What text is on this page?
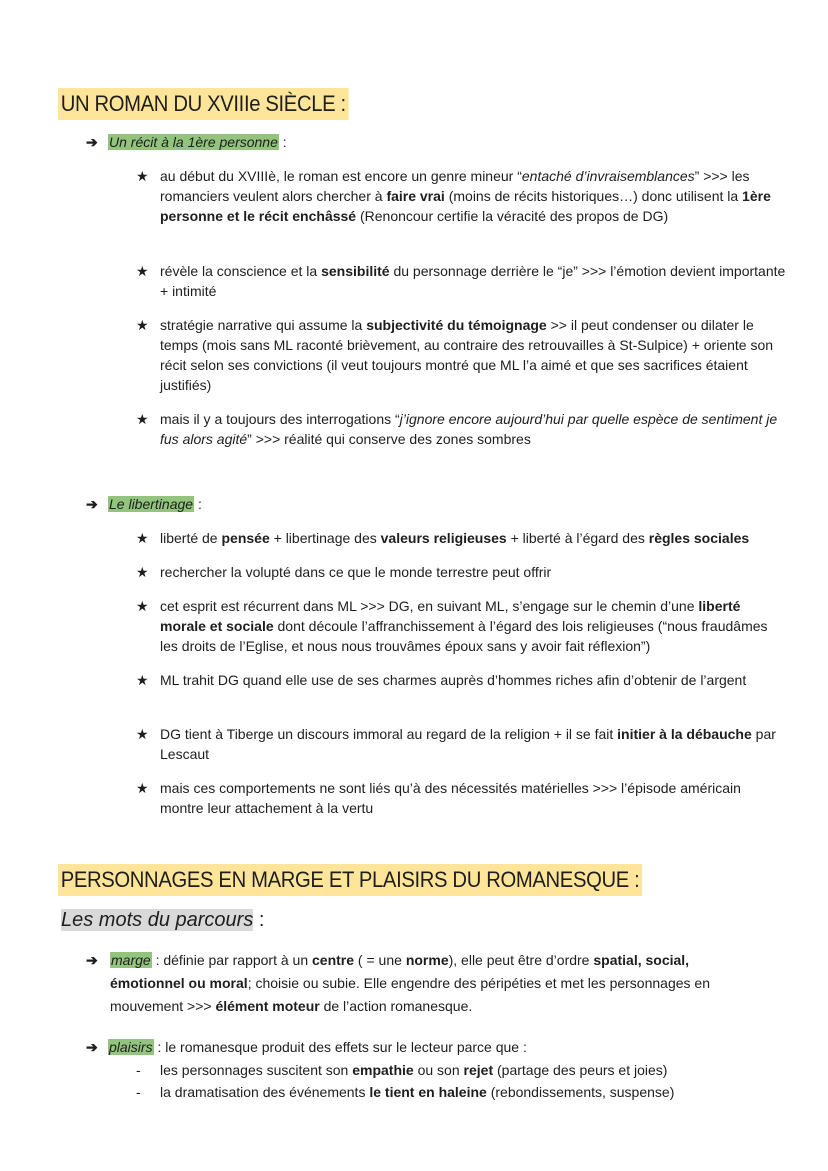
UN ROMAN DU XVIIIe SIÈCLE :
➔ Un récit à la 1ère personne :
★ au début du XVIIIè, le roman est encore un genre mineur “entaché d’invraisemblances” >>> les romanciers veulent alors chercher à faire vrai (moins de récits historiques…) donc utilisent la 1ère personne et le récit enchâssé (Renoncour certifie la véracité des propos de DG)
★ révèle la conscience et la sensibilité du personnage derrière le “je” >>> l’émotion devient importante + intimité
★ stratégie narrative qui assume la subjectivité du témoignage >> il peut condenser ou dilater le temps (mois sans ML raconté brièvement, au contraire des retrouvailles à St-Sulpice) + oriente son récit selon ses convictions (il veut toujours montré que ML l’a aimé et que ses sacrifices étaient justifiés)
★ mais il y a toujours des interrogations “j’ignore encore aujourd’hui par quelle espèce de sentiment je fus alors agité” >>> réalité qui conserve des zones sombres
➔ Le libertinage :
★ liberté de pensée + libertinage des valeurs religieuses + liberté à l’égard des règles sociales
★ rechercher la volupté dans ce que le monde terrestre peut offrir
★ cet esprit est récurrent dans ML >>> DG, en suivant ML, s’engage sur le chemin d’une liberté morale et sociale dont découle l’affranchissement à l’égard des lois religieuses (“nous fraudâmes les droits de l’Eglise, et nous nous trouvâmes époux sans y avoir fait réflexion”)
★ ML trahit DG quand elle use de ses charmes auprès d’hommes riches afin d’obtenir de l’argent
★ DG tient à Tiberge un discours immoral au regard de la religion + il se fait initier à la débauche par Lescaut
★ mais ces comportements ne sont liés qu’à des nécessités matérielles >>> l’épisode américain montre leur attachement à la vertu
PERSONNAGES EN MARGE ET PLAISIRS DU ROMANESQUE :
Les mots du parcours :
➔ marge : définie par rapport à un centre ( = une norme), elle peut être d’ordre spatial, social, émotionnel ou moral; choisie ou subie. Elle engendre des péripéties et met les personnages en mouvement >>> élément moteur de l’action romanesque.
➔ plaisirs : le romanesque produit des effets sur le lecteur parce que :
- les personnages suscitent son empathie ou son rejet (partage des peurs et joies)
- la dramatisation des événements le tient en haleine (rebondissements, suspense)
